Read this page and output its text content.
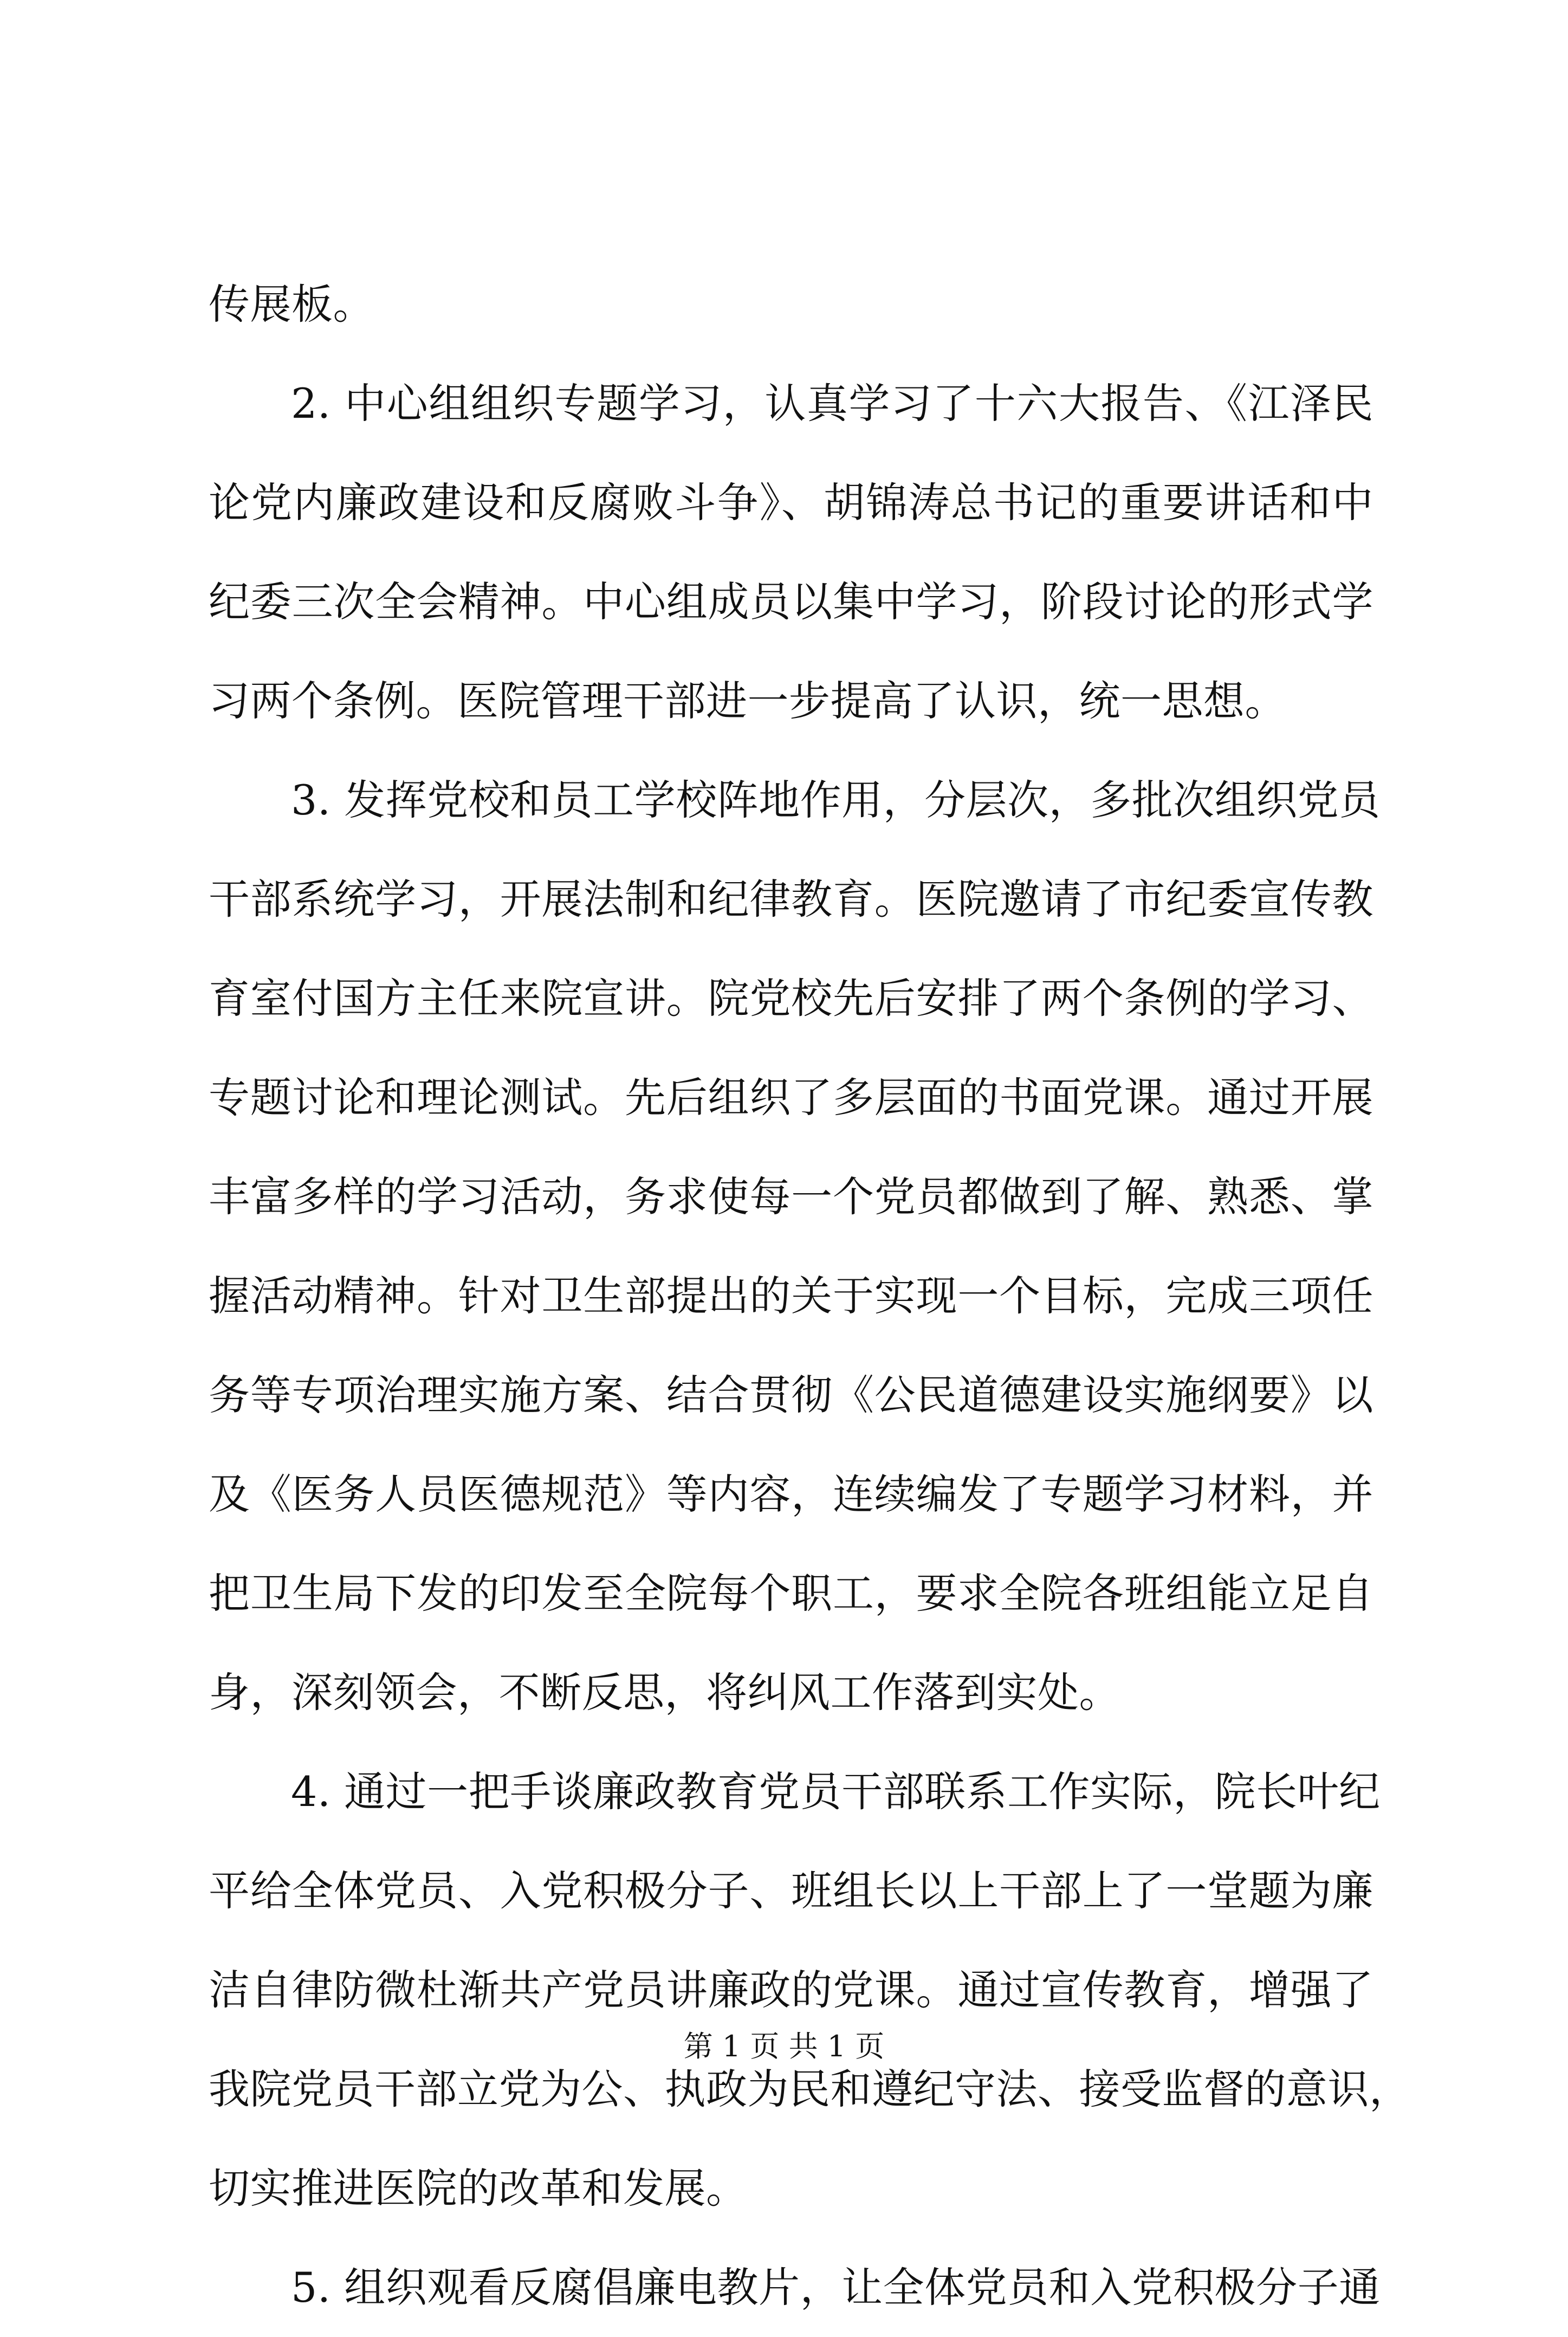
传展板。
2. 中心组组织专题学习，认真学习了十六大报告、《江泽民
论党内廉政建设和反腐败斗争》、胡锦涛总书记的重要讲话和中
纪委三次全会精神。中心组成员以集中学习，阶段讨论的形式学
习两个条例。医院管理干部进一步提高了认识，统一思想。
3. 发挥党校和员工学校阵地作用，分层次，多批次组织党员
干部系统学习，开展法制和纪律教育。医院邀请了市纪委宣传教
育室付国方主任来院宣讲。院党校先后安排了两个条例的学习、
专题讨论和理论测试。先后组织了多层面的书面党课。通过开展
丰富多样的学习活动，务求使每一个党员都做到了解、熟悉、掌
握活动精神。针对卫生部提出的关于实现一个目标，完成三项任
务等专项治理实施方案、结合贯彻《公民道德建设实施纲要》以
及《医务人员医德规范》等内容，连续编发了专题学习材料，并
把卫生局下发的印发至全院每个职工，要求全院各班组能立足自
身，深刻领会，不断反思，将纠风工作落到实处。
4. 通过一把手谈廉政教育党员干部联系工作实际，院长叶纪
平给全体党员、入党积极分子、班组长以上干部上了一堂题为廉
洁自律防微杜渐共产党员讲廉政的党课。通过宣传教育，增强了
我院党员干部立党为公、执政为民和遵纪守法、接受监督的意识，
切实推进医院的改革和发展。
5. 组织观看反腐倡廉电教片，让全体党员和入党积极分子通
第 1 页 共 1 页
